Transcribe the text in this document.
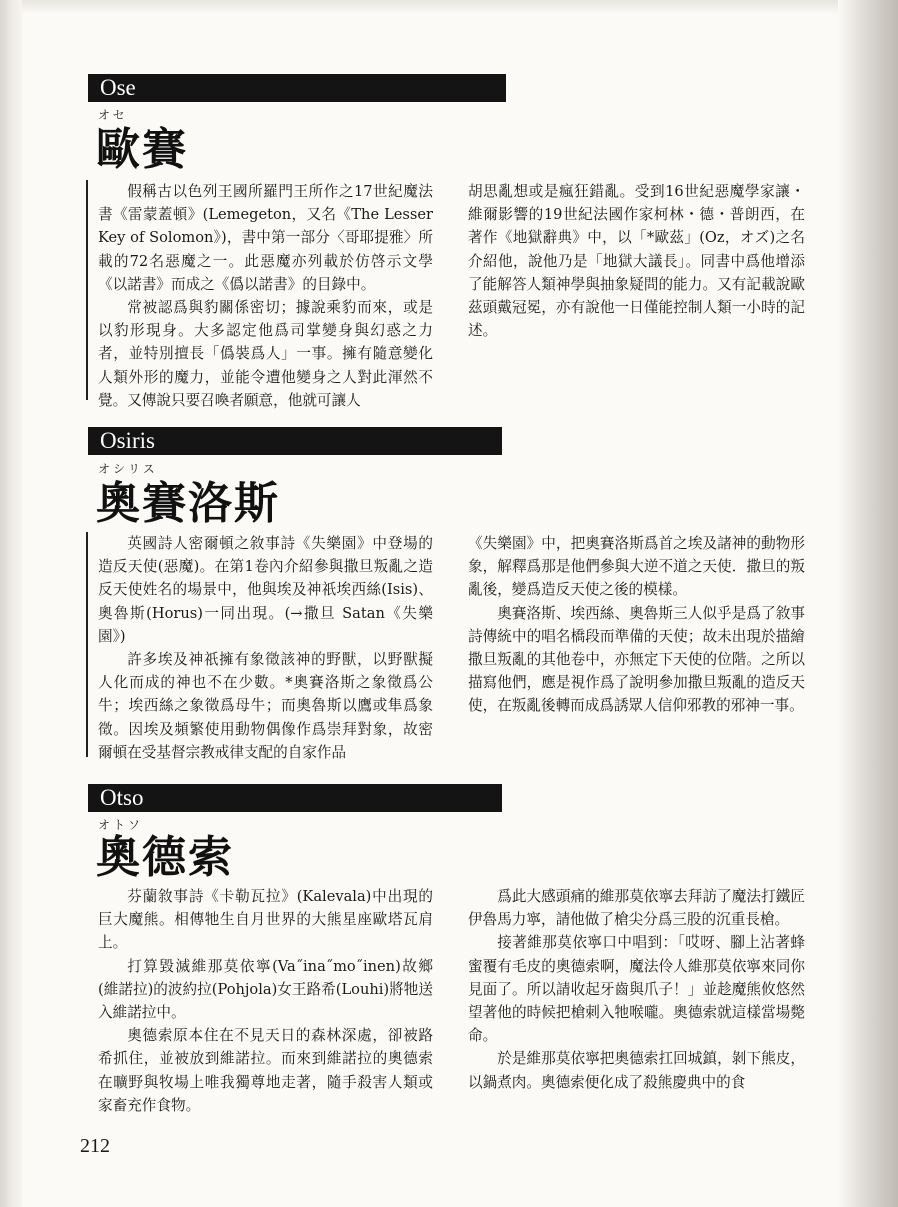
Ose
オセ
歐賽

假稱古以色列王國所羅門王所作之17世紀魔法書《雷蒙蓋頓》(Lemegeton，又名《The Lesser Key of Solomon》)，書中第一部分〈哥耶提雅〉所載的72名惡魔之一。此惡魔亦列載於仿啓示文學《以諾書》而成之《僞以諾書》的目錄中。

常被認爲與豹關係密切；據說乘豹而來，或是以豹形現身。大多認定他爲司掌變身與幻惑之力者，並特別擅長「僞裝爲人」一事。擁有隨意變化人類外形的魔力，並能令遭他變身之人對此渾然不覺。又傳說只要召喚者願意，他就可讓人

胡思亂想或是瘋狂錯亂。受到16世紀惡魔學家讓・維爾影響的19世紀法國作家柯林・德・普朗西，在著作《地獄辭典》中，以「*歐茲」(Oz，オズ)之名介紹他，說他乃是「地獄大議長」。同書中爲他增添了能解答人類神學與抽象疑問的能力。又有記載說歐茲頭戴冠冕，亦有說他一日僅能控制人類一小時的記述。

Osiris
オシリス
奧賽洛斯

英國詩人密爾頓之敘事詩《失樂園》中登場的造反天使(惡魔)。在第1卷內介紹參與撒旦叛亂之造反天使姓名的場景中，他與埃及神祇埃西絲(Isis)、奧魯斯(Horus)一同出現。(→撒旦 Satan《失樂園》)

許多埃及神祇擁有象徵該神的野獸，以野獸擬人化而成的神也不在少數。*奧賽洛斯之象徵爲公牛；埃西絲之象徵爲母牛；而奧魯斯以鷹或隼爲象徵。因埃及頻繁使用動物偶像作爲崇拜對象，故密爾頓在受基督宗教戒律支配的自家作品

《失樂園》中，把奧賽洛斯爲首之埃及諸神的動物形象，解釋爲那是他們參與大逆不道之天使．撒旦的叛亂後，變爲造反天使之後的模樣。

奧賽洛斯、埃西絲、奧魯斯三人似乎是爲了敘事詩傳統中的唱名橋段而準備的天使；故未出現於描繪撒旦叛亂的其他卷中，亦無定下天使的位階。之所以描寫他們，應是視作爲了說明參加撒旦叛亂的造反天使，在叛亂後轉而成爲誘眾人信仰邪教的邪神一事。

Otso
オトソ
奧德索

芬蘭敘事詩《卡勒瓦拉》(Kalevala)中出現的巨大魔熊。相傳牠生自月世界的大熊星座歐塔瓦肩上。

打算毀滅維那莫依寧(Va˝ina˝mo˝inen)故鄉(維諾拉)的波約拉(Pohjola)女王路希(Louhi)將牠送入維諾拉中。

奧德索原本住在不見天日的森林深處，卻被路希抓住，並被放到維諾拉。而來到維諾拉的奧德索在曠野與牧場上唯我獨尊地走著，隨手殺害人類或家畜充作食物。

爲此大感頭痛的維那莫依寧去拜訪了魔法打鐵匠伊魯馬力寧，請他做了槍尖分爲三股的沉重長槍。

接著維那莫依寧口中唱到：「哎呀、腳上沾著蜂蜜覆有毛皮的奧德索啊，魔法伶人維那莫依寧來同你見面了。所以請收起牙齒與爪子！」並趁魔熊攸悠然望著他的時候把槍刺入牠喉嚨。奧德索就這樣當場斃命。

於是維那莫依寧把奧德索扛回城鎮，剝下熊皮，以鍋煮肉。奧德索便化成了殺熊慶典中的食

212
